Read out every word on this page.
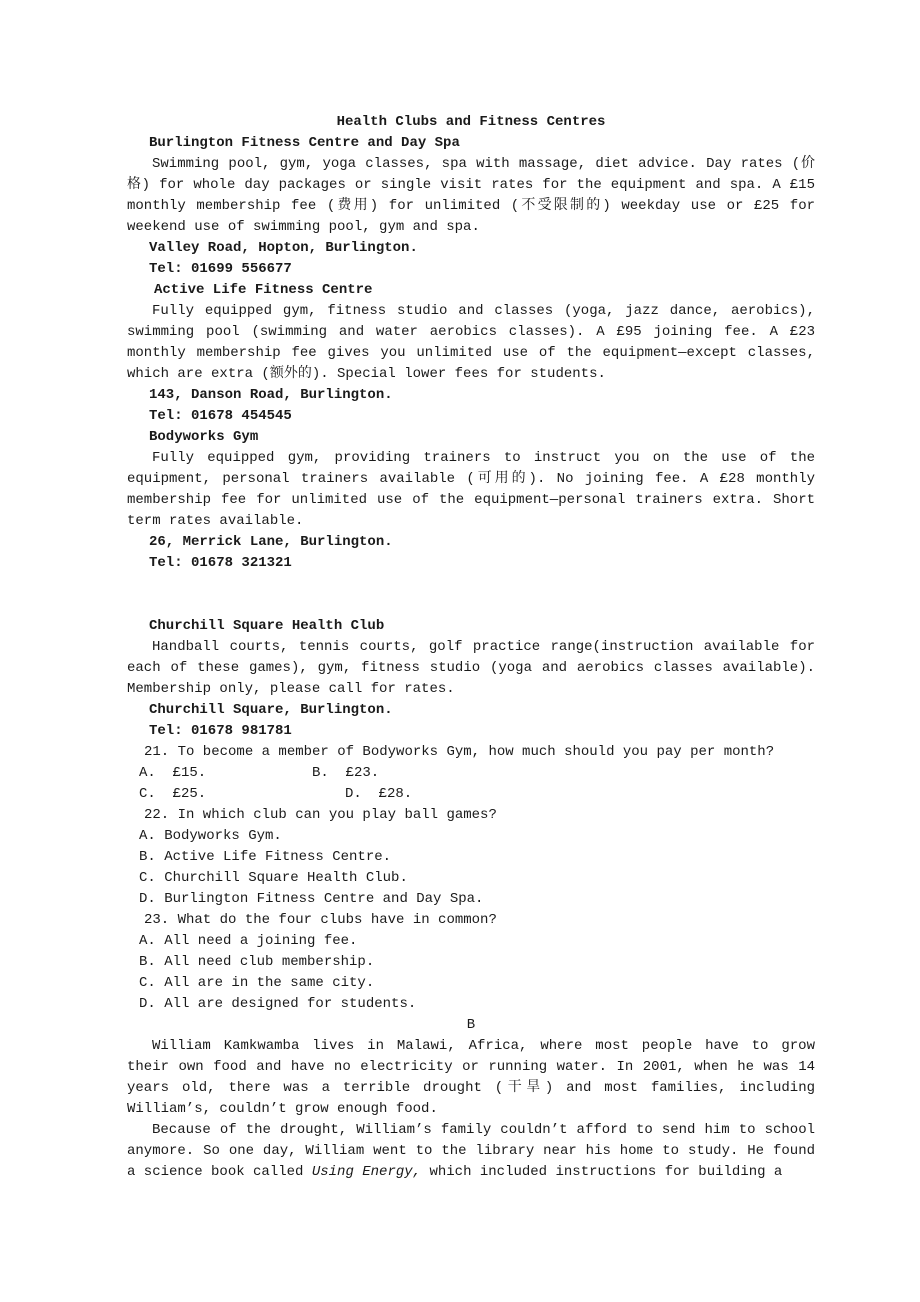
Health Clubs and Fitness Centres
Burlington Fitness Centre and Day Spa

Swimming pool, gym, yoga classes, spa with massage, diet advice. Day rates (价格) for whole day packages or single visit rates for the equipment and spa. A £15 monthly membership fee (费用) for unlimited (不受限制的) weekday use or £25 for weekend use of swimming pool, gym and spa.

Valley Road, Hopton, Burlington.
Tel: 01699 556677
Active Life Fitness Centre

Fully equipped gym, fitness studio and classes (yoga, jazz dance, aerobics), swimming pool (swimming and water aerobics classes). A £95 joining fee. A £23 monthly membership fee gives you unlimited use of the equipment—except classes, which are extra (额外的). Special lower fees for students.

143, Danson Road, Burlington.
Tel: 01678 454545
Bodyworks Gym

Fully equipped gym, providing trainers to instruct you on the use of the equipment, personal trainers available (可用的). No joining fee. A £28 monthly membership fee for unlimited use of the equipment—personal trainers extra. Short term rates available.

26, Merrick Lane, Burlington.
Tel: 01678 321321
Churchill Square Health Club

Handball courts, tennis courts, golf practice range(instruction available for each of these games), gym, fitness studio (yoga and aerobics classes available). Membership only, please call for rates.

Churchill Square, Burlington.
Tel: 01678 981781
21. To become a member of Bodyworks Gym, how much should you pay per month?
A.  £15.	B.  £23.
C.  £25.	D.  £28.
22. In which club can you play ball games?
A. Bodyworks Gym.
B. Active Life Fitness Centre.
C. Churchill Square Health Club.
D. Burlington Fitness Centre and Day Spa.
23. What do the four clubs have in common?
A. All need a joining fee.
B. All need club membership.
C. All are in the same city.
D. All are designed for students.
B

William Kamkwamba lives in Malawi, Africa, where most people have to grow their own food and have no electricity or running water. In 2001, when he was 14 years old, there was a terrible drought (干旱) and most families, including William’s, couldn’t grow enough food.

Because of the drought, William’s family couldn’t afford to send him to school anymore. So one day, William went to the library near his home to study. He found a science book called Using Energy, which included instructions for building a
